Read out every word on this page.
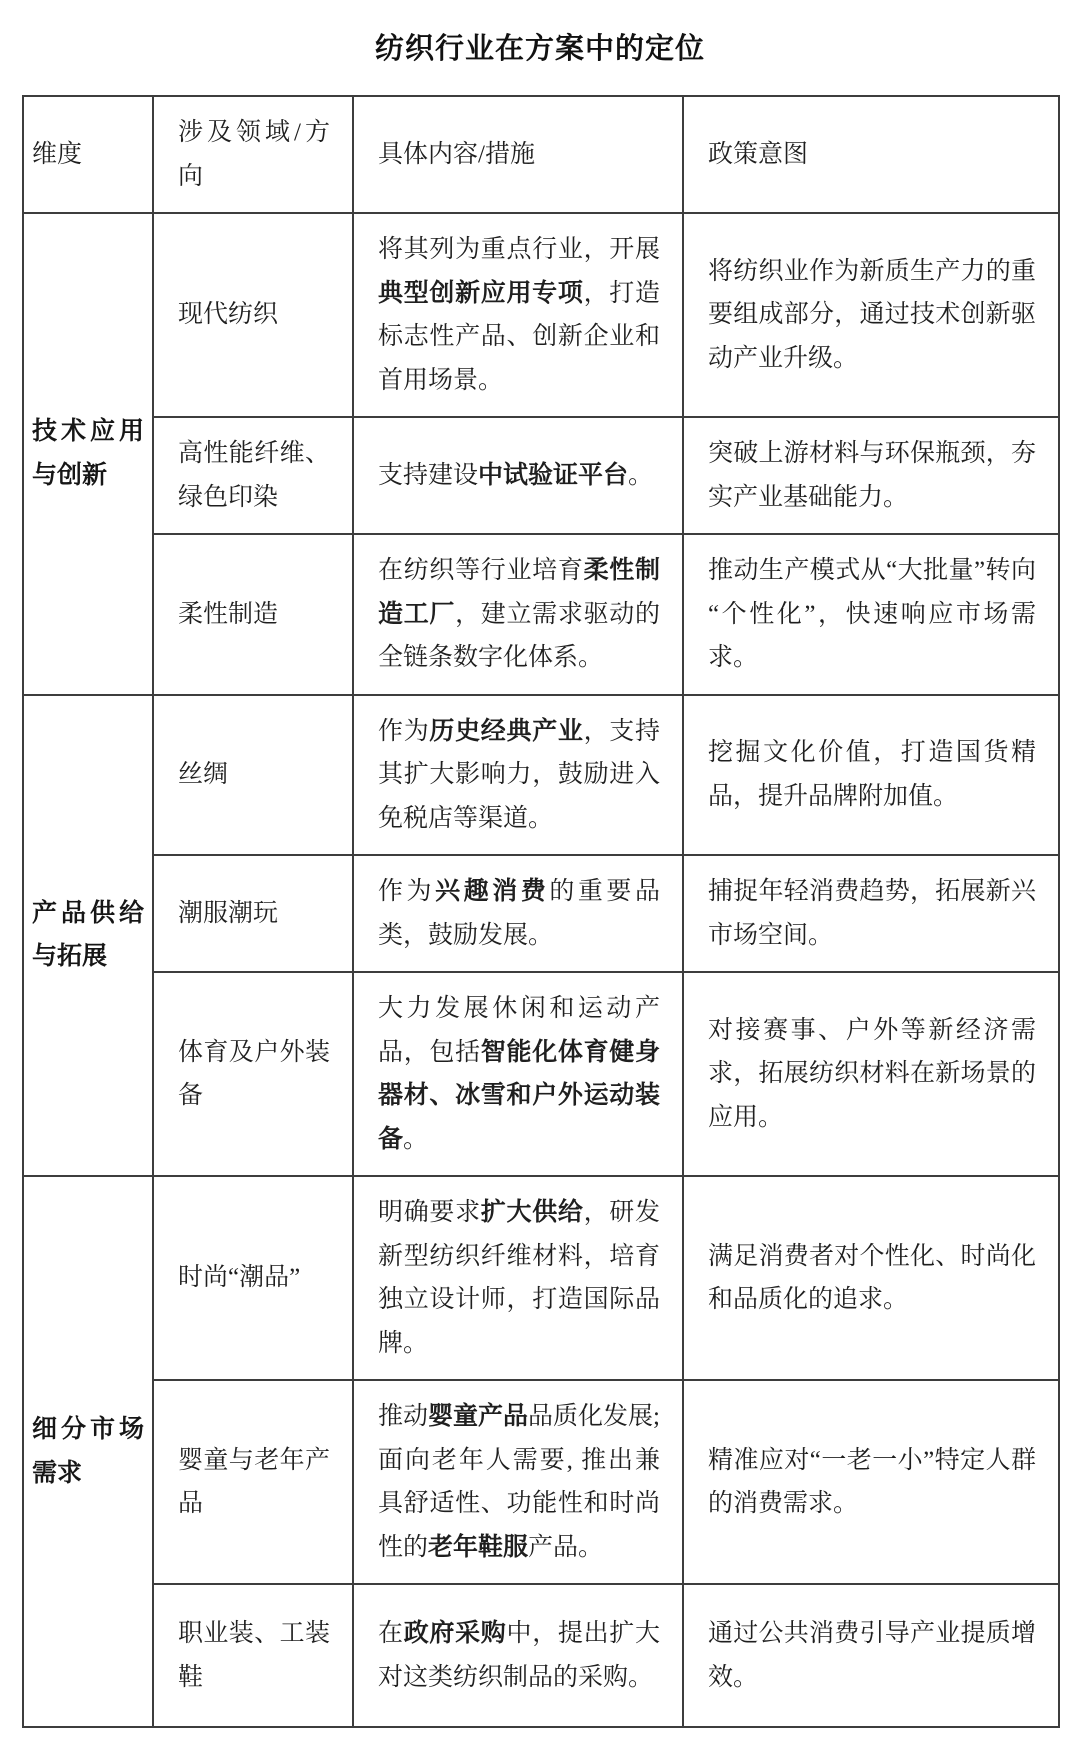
纺织行业在方案中的定位
维度	涉及领域/方向	具体内容/措施	政策意图
技术应用与创新	现代纺织	将其列为重点行业，开展典型创新应用专项，打造标志性产品、创新企业和首用场景。	将纺织业作为新质生产力的重要组成部分，通过技术创新驱动产业升级。
	高性能纤维、绿色印染	支持建设中试验证平台。	突破上游材料与环保瓶颈，夯实产业基础能力。
	柔性制造	在纺织等行业培育柔性制造工厂，建立需求驱动的全链条数字化体系。	推动生产模式从“大批量”转向“个性化”，快速响应市场需求。
产品供给与拓展	丝绸	作为历史经典产业，支持其扩大影响力，鼓励进入免税店等渠道。	挖掘文化价值，打造国货精品，提升品牌附加值。
	潮服潮玩	作为兴趣消费的重要品类，鼓励发展。	捕捉年轻消费趋势，拓展新兴市场空间。
	体育及户外装备	大力发展休闲和运动产品，包括智能化体育健身器材、冰雪和户外运动装备。	对接赛事、户外等新经济需求，拓展纺织材料在新场景的应用。
细分市场需求	时尚“潮品”	明确要求扩大供给，研发新型纺织纤维材料，培育独立设计师，打造国际品牌。	满足消费者对个性化、时尚化和品质化的追求。
	婴童与老年产品	推动婴童产品品质化发展; 面向老年人需要, 推出兼具舒适性、功能性和时尚性的老年鞋服产品。	精准应对“一老一小”特定人群的消费需求。
	职业装、工装鞋	在政府采购中，提出扩大对这类纺织制品的采购。	通过公共消费引导产业提质增效。
